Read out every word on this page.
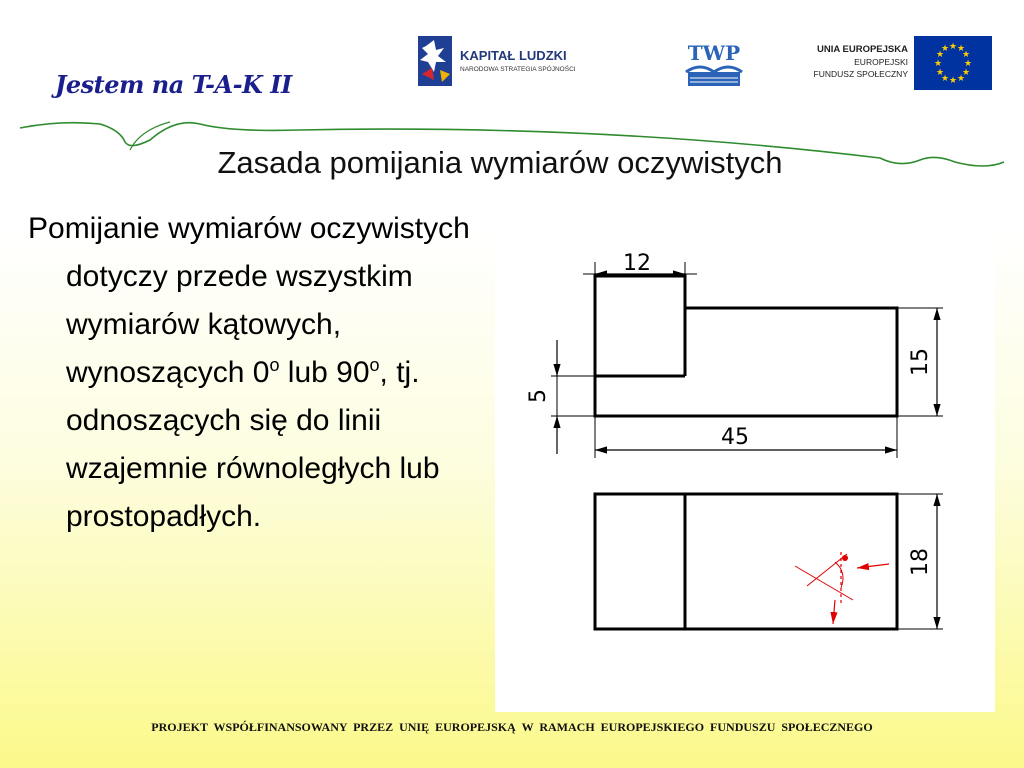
Jestem na T-A-K II
KAPITAŁ LUDZKI
NARODOWA STRATEGIA SPÓJNOŚCI
TWP	UNIA EUROPEJSKA
EUROPEJSKI
FUNDUSZ SPOŁECZNY
★ ★
★
★
★
★
★
★
★
★
★
★
Zasada pomijania wymiarów oczywistych

Pomijanie wymiarów oczywistych dotyczy przede wszystkim wymiarów kątowych, wynoszących 0$^o$ lub 90$^o$, tj. odnoszących się do linii wzajemnie równoległych lub prostopadłych.

12
5
45
15
18
PROJEKT WSPÓŁFINANSOWANY PRZEZ UNIĘ EUROPEJSKĄ W RAMACH EUROPEJSKIEGO FUNDUSZU SPOŁECZNEGO
